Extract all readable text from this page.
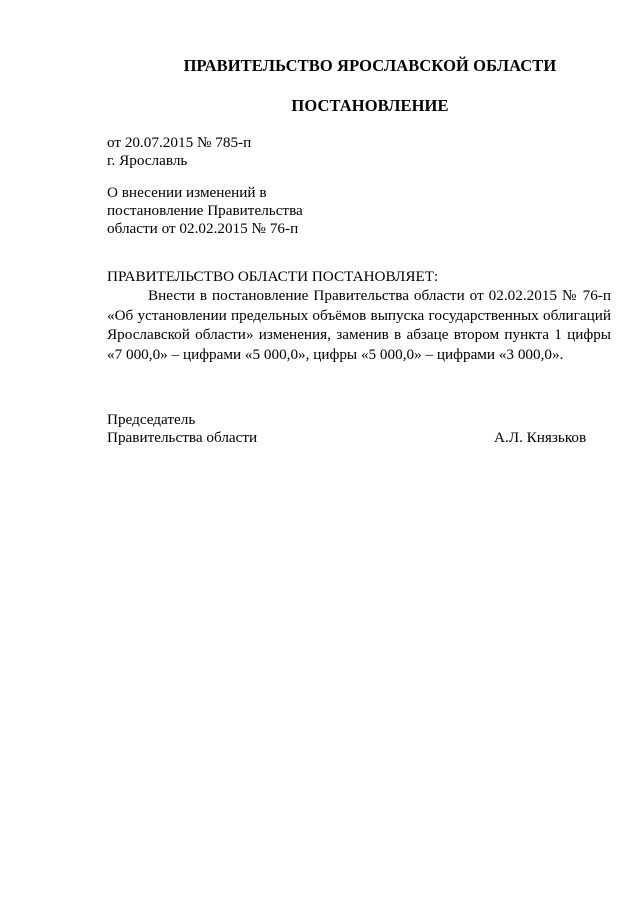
ПРАВИТЕЛЬСТВО ЯРОСЛАВСКОЙ ОБЛАСТИ
ПОСТАНОВЛЕНИЕ
от 20.07.2015 № 785-п
г. Ярославль
О внесении изменений в
постановление Правительства
области от 02.02.2015 № 76-п
ПРАВИТЕЛЬСТВО ОБЛАСТИ ПОСТАНОВЛЯЕТ:
Внести в постановление Правительства области от 02.02.2015 № 76-п «Об установлении предельных объёмов выпуска государственных облигаций Ярославской области» изменения, заменив в абзаце втором пункта 1 цифры «7 000,0» – цифрами «5 000,0», цифры «5 000,0» – цифрами «3 000,0».
Председатель
Правительства области	А.Л. Князьков
